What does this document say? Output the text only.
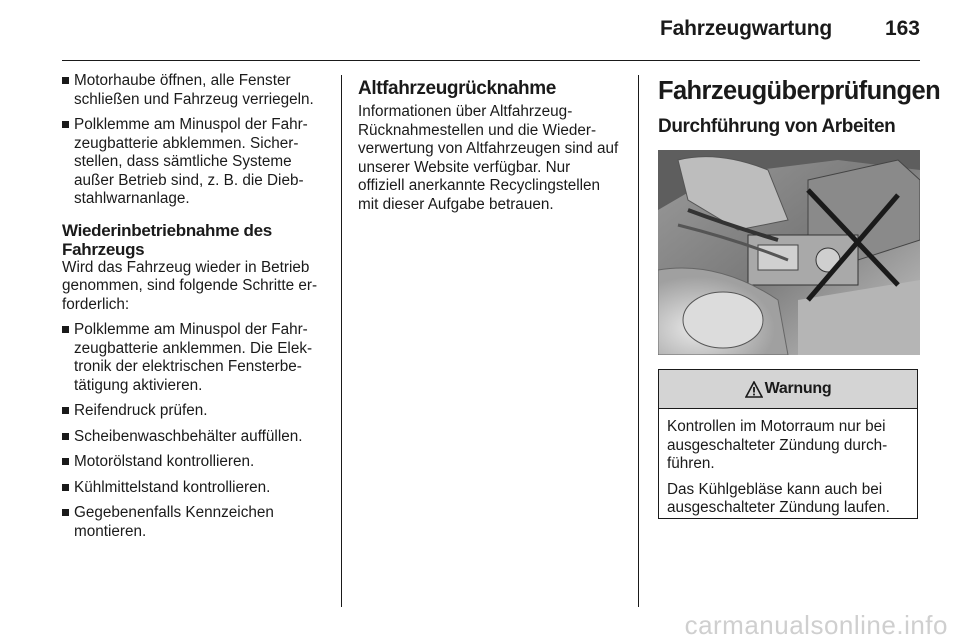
Fahrzeugwartung	163
Motorhaube öffnen, alle Fenster schließen und Fahrzeug verriegeln.
Polklemme am Minuspol der Fahr-zeugbatterie abklemmen. Sicher-stellen, dass sämtliche Systeme außer Betrieb sind, z. B. die Dieb-stahlwarnanlage.
Wiederinbetriebnahme des Fahrzeugs

Wird das Fahrzeug wieder in Betrieb genommen, sind folgende Schritte er-forderlich:

Polklemme am Minuspol der Fahr-zeugbatterie anklemmen. Die Elek-tronik der elektrischen Fensterbe-tätigung aktivieren.
Reifendruck prüfen.
Scheibenwaschbehälter auffüllen.
Motorölstand kontrollieren.
Kühlmittelstand kontrollieren.
Gegebenenfalls Kennzeichen montieren.
Altfahrzeugrücknahme

Informationen über Altfahrzeug-Rücknahmestellen und die Wieder-verwertung von Altfahrzeugen sind auf unserer Website verfügbar. Nur offiziell anerkannte Recyclingstellen mit dieser Aufgabe betrauen.

Fahrzeugüberprüfungen
Durchführung von Arbeiten
Warnung

Kontrollen im Motorraum nur bei ausgeschalteter Zündung durch-führen.

Das Kühlgebläse kann auch bei ausgeschalteter Zündung laufen.

carmanualsonline.info
